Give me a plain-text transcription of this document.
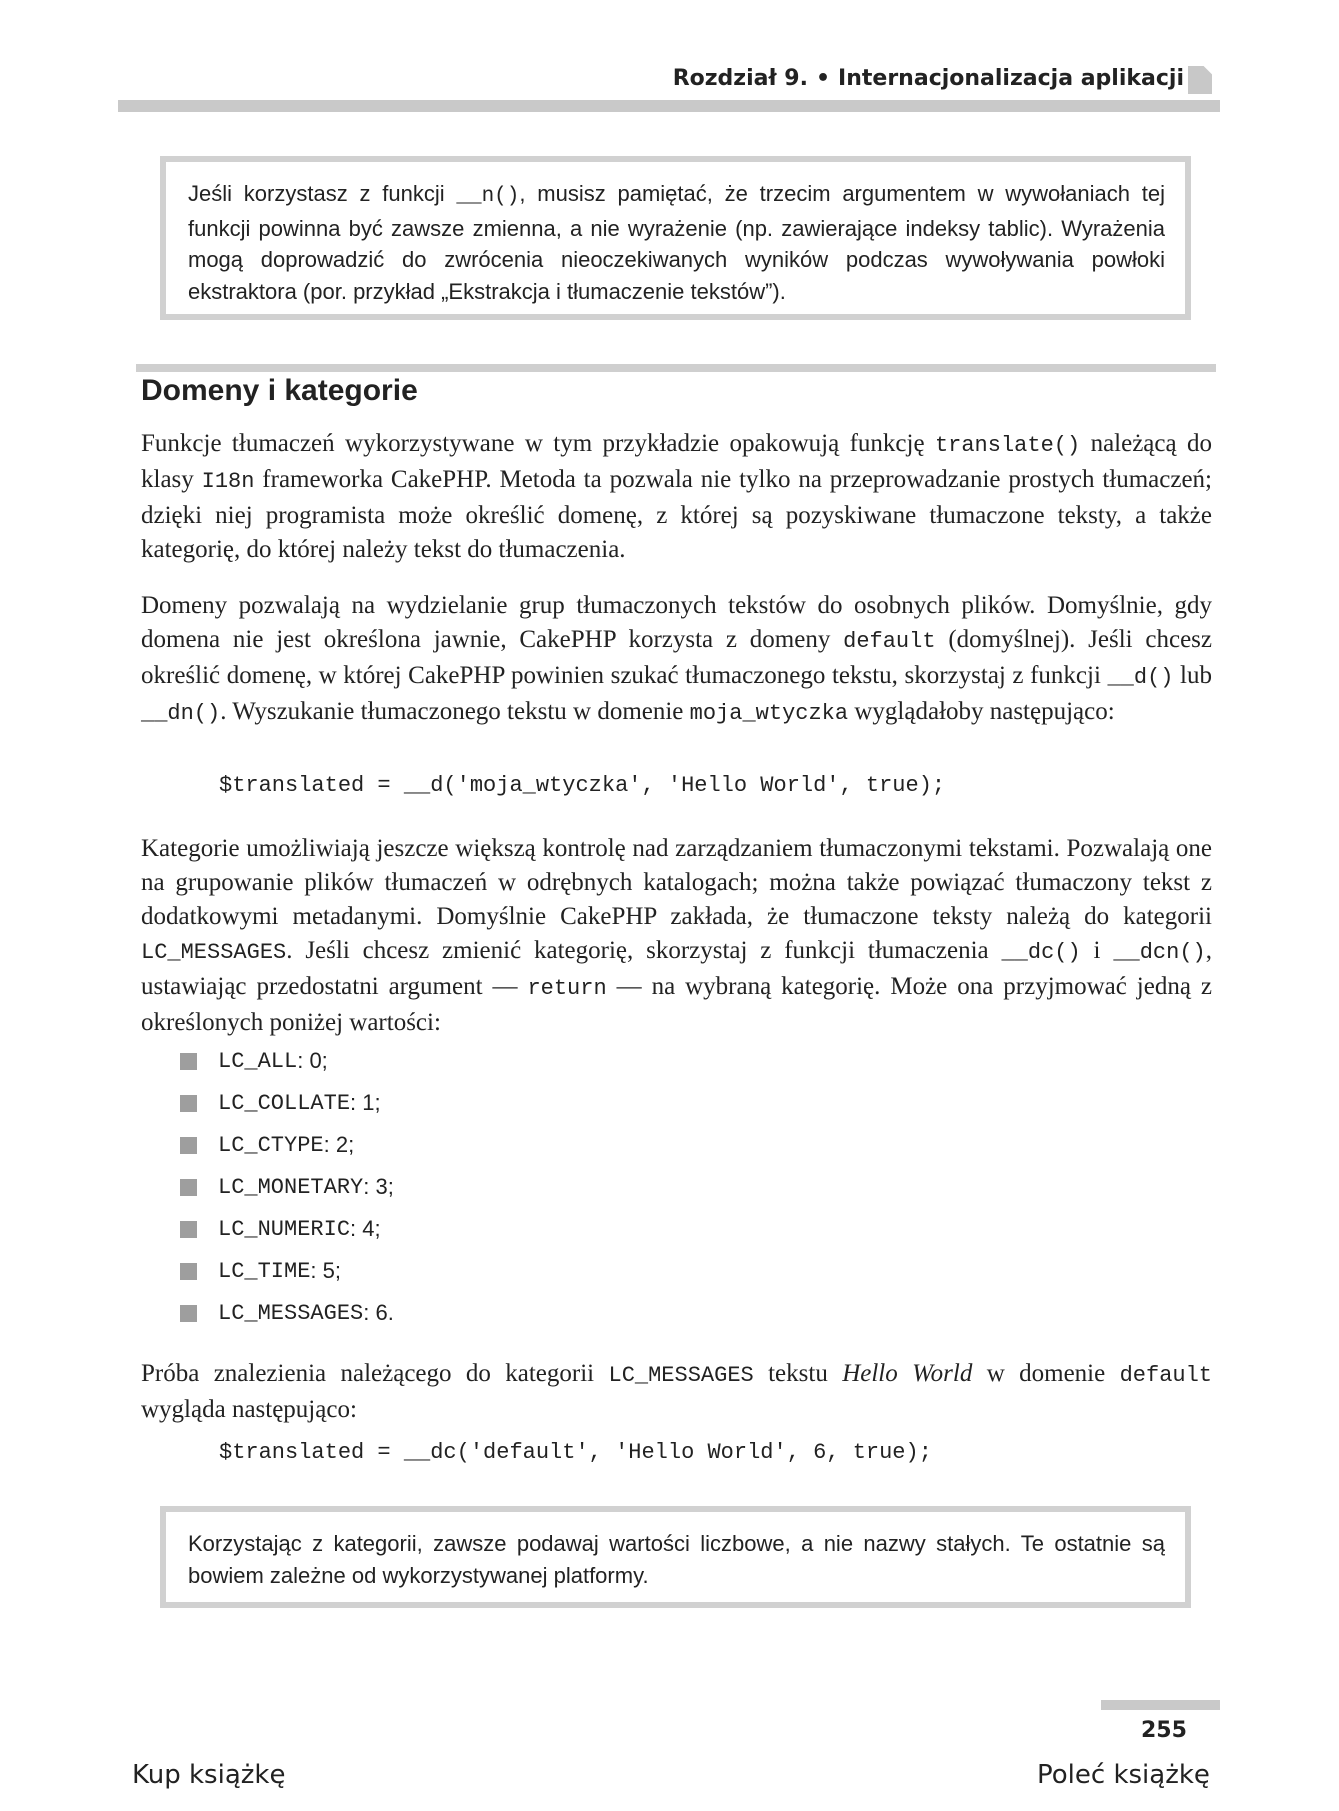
Rozdział 9. • Internacjonalizacja aplikacji
Jeśli korzystasz z funkcji __n(), musisz pamiętać, że trzecim argumentem w wywołaniach tej funkcji powinna być zawsze zmienna, a nie wyrażenie (np. zawierające indeksy tablic). Wyrażenia mogą doprowadzić do zwrócenia nieoczekiwanych wyników podczas wywoływania powłoki ekstraktora (por. przykład „Ekstrakcja i tłumaczenie tekstów”).
Domeny i kategorie

Funkcje tłumaczeń wykorzystywane w tym przykładzie opakowują funkcję translate() należącą do klasy I18n frameworka CakePHP. Metoda ta pozwala nie tylko na przeprowadzanie prostych tłumaczeń; dzięki niej programista może określić domenę, z której są pozyskiwane tłumaczone teksty, a także kategorię, do której należy tekst do tłumaczenia.

Domeny pozwalają na wydzielanie grup tłumaczonych tekstów do osobnych plików. Domyślnie, gdy domena nie jest określona jawnie, CakePHP korzysta z domeny default (domyślnej). Jeśli chcesz określić domenę, w której CakePHP powinien szukać tłumaczonego tekstu, skorzystaj z funkcji __d() lub __dn(). Wyszukanie tłumaczonego tekstu w domenie moja_wtyczka wyglądałoby następująco:

$translated = __d('moja_wtyczka', 'Hello World', true);

Kategorie umożliwiają jeszcze większą kontrolę nad zarządzaniem tłumaczonymi tekstami. Pozwalają one na grupowanie plików tłumaczeń w odrębnych katalogach; można także powiązać tłumaczony tekst z dodatkowymi metadanymi. Domyślnie CakePHP zakłada, że tłumaczone teksty należą do kategorii LC_MESSAGES. Jeśli chcesz zmienić kategorię, skorzystaj z funkcji tłumaczenia __dc() i __dcn(), ustawiając przedostatni argument — return — na wybraną kategorię. Może ona przyjmować jedną z określonych poniżej wartości:

LC_ALL : 0;
LC_COLLATE : 1;
LC_CTYPE : 2;
LC_MONETARY : 3;
LC_NUMERIC : 4;
LC_TIME : 5;
LC_MESSAGES : 6.

Próba znalezienia należącego do kategorii LC_MESSAGES tekstu Hello World w domenie default wygląda następująco:

$translated = __dc('default', 'Hello World', 6, true);
Korzystając z kategorii, zawsze podawaj wartości liczbowe, a nie nazwy stałych. Te ostatnie są bowiem zależne od wykorzystywanej platformy.
255
Kup książkę	Poleć książkę
